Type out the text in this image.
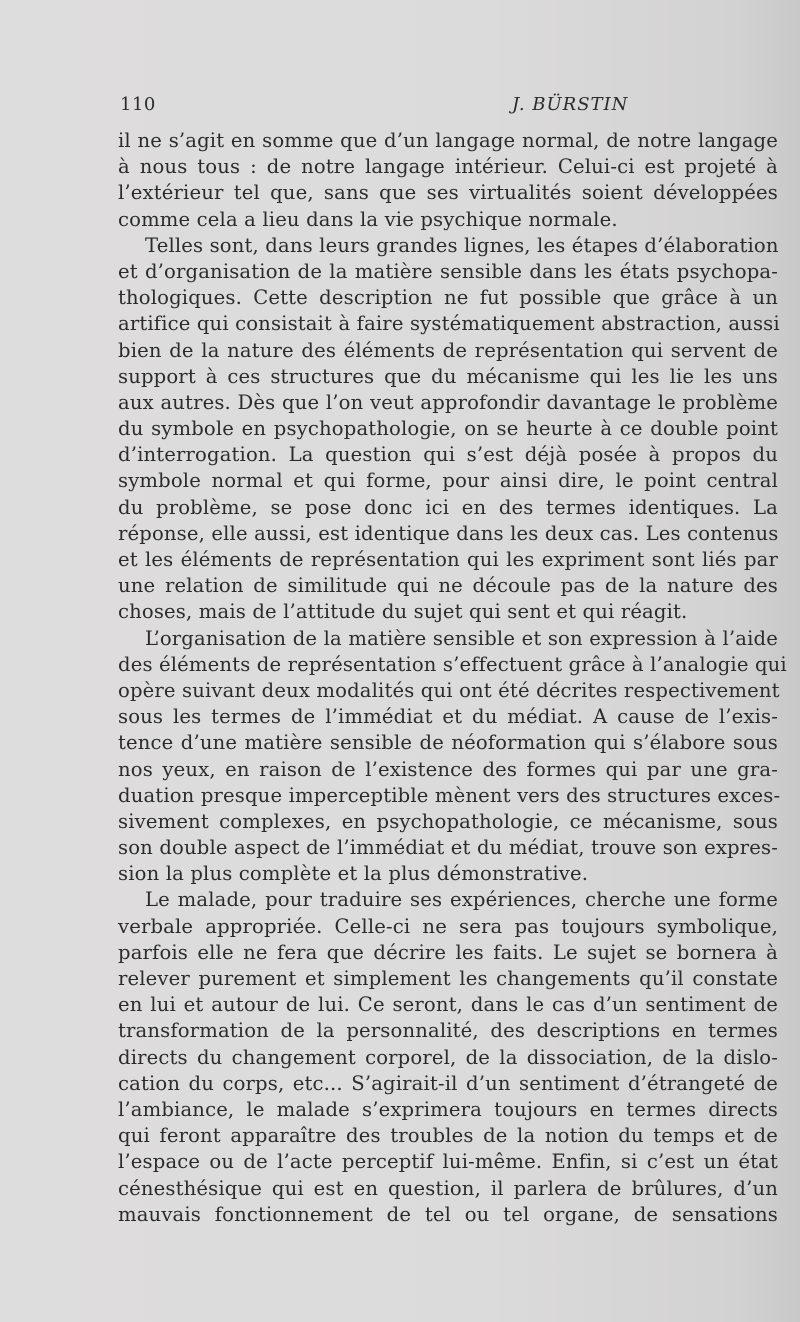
110	J. BÜRSTIN
il ne s’agit en somme que d’un langage normal, de notre langage
à nous tous : de notre langage intérieur. Celui-ci est projeté à
l’extérieur tel que, sans que ses virtualités soient développées
comme cela a lieu dans la vie psychique normale.
Telles sont, dans leurs grandes lignes, les étapes d’élaboration
et d’organisation de la matière sensible dans les états psychopa-
thologiques. Cette description ne fut possible que grâce à un
artifice qui consistait à faire systématiquement abstraction, aussi
bien de la nature des éléments de représentation qui servent de
support à ces structures que du mécanisme qui les lie les uns
aux autres. Dès que l’on veut approfondir davantage le problème
du symbole en psychopathologie, on se heurte à ce double point
d’interrogation. La question qui s’est déjà posée à propos du
symbole normal et qui forme, pour ainsi dire, le point central
du problème, se pose donc ici en des termes identiques. La
réponse, elle aussi, est identique dans les deux cas. Les contenus
et les éléments de représentation qui les expriment sont liés par
une relation de similitude qui ne découle pas de la nature des
choses, mais de l’attitude du sujet qui sent et qui réagit.
L’organisation de la matière sensible et son expression à l’aide
des éléments de représentation s’effectuent grâce à l’analogie qui
opère suivant deux modalités qui ont été décrites respectivement
sous les termes de l’immédiat et du médiat. A cause de l’exis-
tence d’une matière sensible de néoformation qui s’élabore sous
nos yeux, en raison de l’existence des formes qui par une gra-
duation presque imperceptible mènent vers des structures exces-
sivement complexes, en psychopathologie, ce mécanisme, sous
son double aspect de l’immédiat et du médiat, trouve son expres-
sion la plus complète et la plus démonstrative.
Le malade, pour traduire ses expériences, cherche une forme
verbale appropriée. Celle-ci ne sera pas toujours symbolique,
parfois elle ne fera que décrire les faits. Le sujet se bornera à
relever purement et simplement les changements qu’il constate
en lui et autour de lui. Ce seront, dans le cas d’un sentiment de
transformation de la personnalité, des descriptions en termes
directs du changement corporel, de la dissociation, de la dislo-
cation du corps, etc... S’agirait-il d’un sentiment d’étrangeté de
l’ambiance, le malade s’exprimera toujours en termes directs
qui feront apparaître des troubles de la notion du temps et de
l’espace ou de l’acte perceptif lui-même. Enfin, si c’est un état
cénesthésique qui est en question, il parlera de brûlures, d’un
mauvais fonctionnement de tel ou tel organe, de sensations
